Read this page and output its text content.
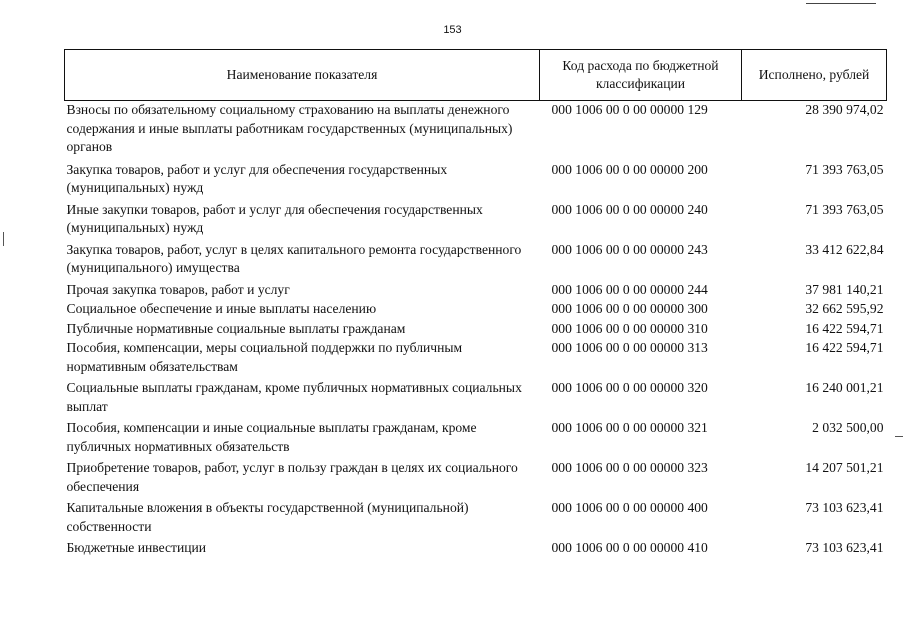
153
Наименование показателя	Код расхода по бюджетной классификации	Исполнено, рублей
Взносы по обязательному социальному страхованию на выплаты денежного содержания и иные выплаты работникам государственных (муниципальных) органов	000 1006 00 0 00 00000 129	28 390 974,02
Закупка товаров, работ и услуг для обеспечения государственных (муниципальных) нужд	000 1006 00 0 00 00000 200	71 393 763,05
Иные закупки товаров, работ и услуг для обеспечения государственных (муниципальных) нужд	000 1006 00 0 00 00000 240	71 393 763,05
Закупка товаров, работ, услуг в целях капитального ремонта государственного (муниципального) имущества	000 1006 00 0 00 00000 243	33 412 622,84
Прочая закупка товаров, работ и услуг	000 1006 00 0 00 00000 244	37 981 140,21
Социальное обеспечение и иные выплаты населению	000 1006 00 0 00 00000 300	32 662 595,92
Публичные нормативные социальные выплаты гражданам	000 1006 00 0 00 00000 310	16 422 594,71
Пособия, компенсации, меры социальной поддержки по публичным нормативным обязательствам	000 1006 00 0 00 00000 313	16 422 594,71
Социальные выплаты гражданам, кроме публичных нормативных социальных выплат	000 1006 00 0 00 00000 320	16 240 001,21
Пособия, компенсации и иные социальные выплаты гражданам, кроме публичных нормативных обязательств	000 1006 00 0 00 00000 321	2 032 500,00
Приобретение товаров, работ, услуг в пользу граждан в целях их социального обеспечения	000 1006 00 0 00 00000 323	14 207 501,21
Капитальные вложения в объекты государственной (муниципальной) собственности	000 1006 00 0 00 00000 400	73 103 623,41
Бюджетные инвестиции	000 1006 00 0 00 00000 410	73 103 623,41
